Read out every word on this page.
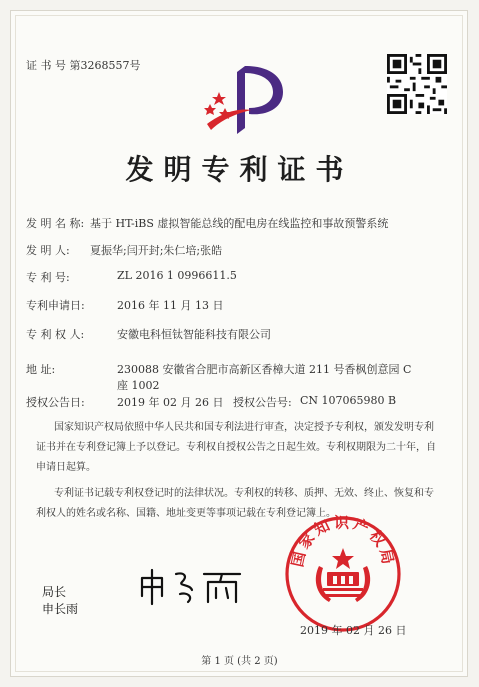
证 书 号 第3268557号
发明专利证书
发 明 名 称: 基于 HT-iBS 虚拟智能总线的配电房在线监控和事故预警系统
发 明 人: 夏振华;闫开封;朱仁培;张皓
专 利 号:	ZL 2016 1 0996611.5
专利申请日:	2016 年 11 月 13 日
专 利 权 人:	安徽电科恒钛智能科技有限公司
地 址:	230088 安徽省合肥市高新区香樟大道 211 号香枫创意园 C
座 1002
授权公告日:	2019 年 02 月 26 日 授权公告号: CN 107065980 B
国家知识产权局依照中华人民共和国专利法进行审查，决定授予专利权，颁发发明专利
证书并在专利登记簿上予以登记。专利权自授权公告之日起生效。专利权期限为二十年，自
申请日起算。
专利证书记载专利权登记时的法律状况。专利权的转移、质押、无效、终止、恢复和专
利权人的姓名或名称、国籍、地址变更等事项记载在专利登记簿上。
局长
申长雨
国家知识产权局
2019 年 02 月 26 日
第 1 页 (共 2 页)
